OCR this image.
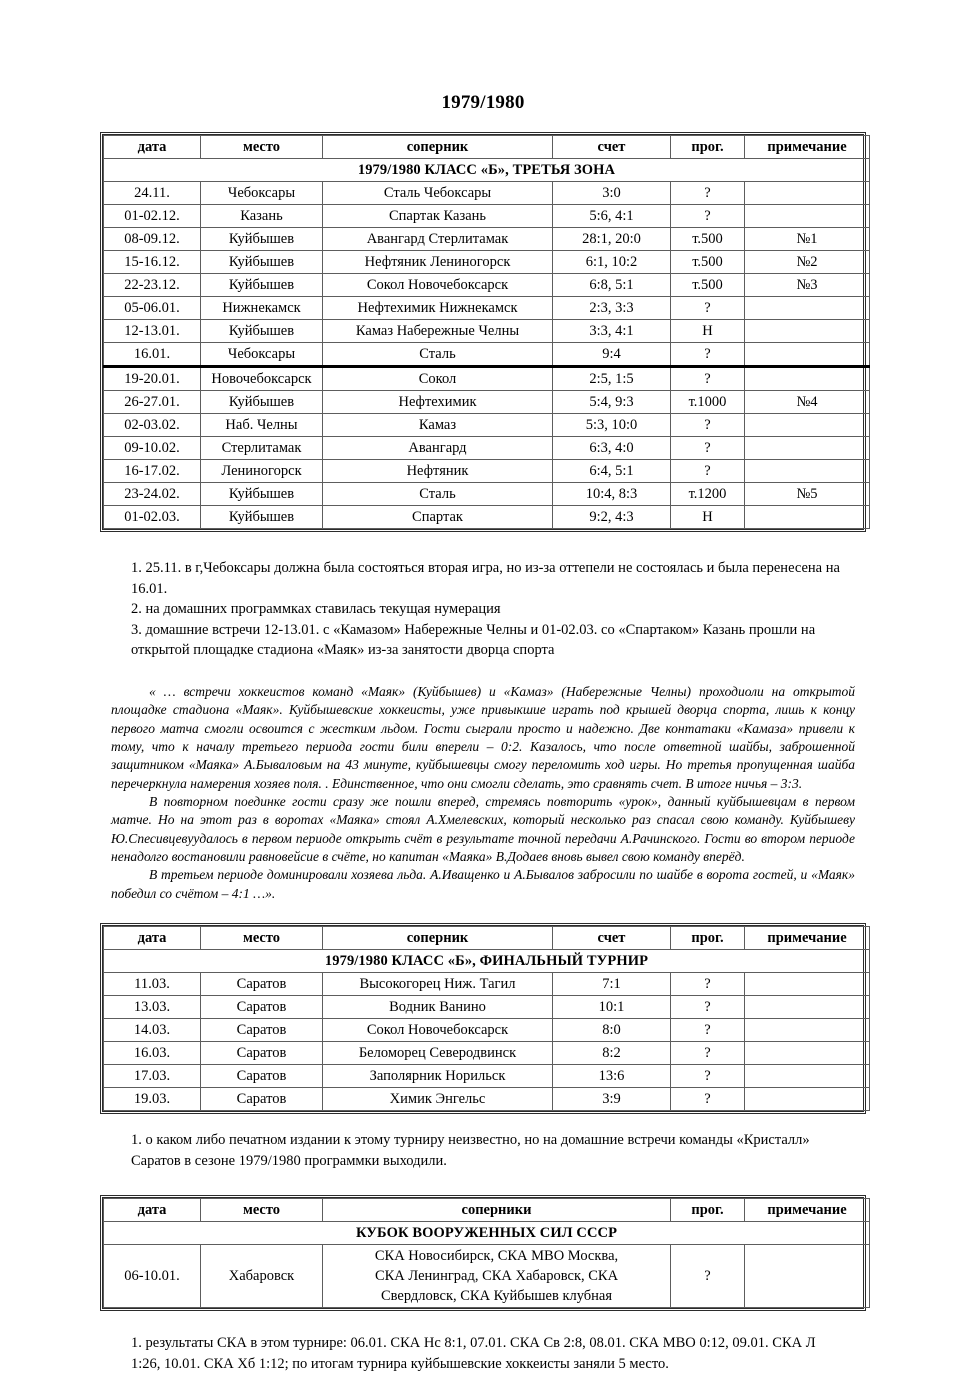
1979/1980
дата	место	соперник	счет	прог.	примечание
1979/1980 КЛАСС «Б», ТРЕТЬЯ ЗОНА					
24.11.	Чебоксары	Сталь Чебоксары	3:0	?	
01-02.12.	Казань	Спартак Казань	5:6, 4:1	?	
08-09.12.	Куйбышев	Авангард Стерлитамак	28:1, 20:0	т.500	№1
15-16.12.	Куйбышев	Нефтяник Лениногорск	6:1, 10:2	т.500	№2
22-23.12.	Куйбышев	Сокол Новочебоксарск	6:8, 5:1	т.500	№3
05-06.01.	Нижнекамск	Нефтехимик Нижнекамск	2:3, 3:3	?	
12-13.01.	Куйбышев	Камаз Набережные Челны	3:3, 4:1	Н	
16.01.	Чебоксары	Сталь	9:4	?	
19-20.01.	Новочебоксарск	Сокол	2:5, 1:5	?	
26-27.01.	Куйбышев	Нефтехимик	5:4, 9:3	т.1000	№4
02-03.02.	Наб. Челны	Камаз	5:3, 10:0	?	
09-10.02.	Стерлитамак	Авангард	6:3, 4:0	?	
16-17.02.	Лениногорск	Нефтяник	6:4, 5:1	?	
23-24.02.	Куйбышев	Сталь	10:4, 8:3	т.1200	№5
01-02.03.	Куйбышев	Спартак	9:2, 4:3	Н	

1. 25.11. в г,Чебоксары должна была состояться вторая игра, но из-за оттепели не состоялась и была перенесена на 16.01.

2. на домашних программках ставилась текущая нумерация

3. домашние встречи 12-13.01. с «Камазом» Набережные Челны и 01-02.03. со «Спартаком» Казань прошли на открытой площадке стадиона «Маяк» из-за занятости дворца спорта

« … встречи хоккеистов команд «Маяк» (Куйбышев) и «Камаз» (Набережные Челны) проходиоли на открытой площадке стадиона «Маяк». Куйбышевские хоккеисты, уже привыкшие играть под крышей дворца спорта, лишь к концу первого матча смогли освоится с жестким льдом. Гости сыграли просто и надежно. Две контатаки «Камаза» привели к тому, что к началу третьего периода гости били вперели – 0:2. Казалось, что после ответной шайбы, заброшенной защитником «Маяка» А.Бываловым на 43 минуте, куйбышевцы смогу переломить ход игры. Но третья пропущенная шайба перечеркнула намерения хозяев поля. . Единственное, что они смогли сделать, это сравнять счет. В итоге ничья – 3:3.

В повторном поединке гости сразу же пошли вперед, стремясь повторить «урок», данный куйбышевцам в первом матче. Но на этот раз в воротах «Маяка» стоял А.Хмелевских, который несколько раз спасал свою команду. Куйбышеву Ю.Спесивцевуудалось в первом периоде открыть счёт в результате точной передачи А.Рачинского. Гости во втором периоде ненадолго востановили равновейсие в счёте, но капитан «Маяка» В.Додаев вновь вывел свою команду вперёд.

В третьем периоде доминировали хозяева льда. А.Иващенко и А.Бывалов забросили по шайбе в ворота гостей, и «Маяк» победил со счётом – 4:1 …».

дата	место	соперник	счет	прог.	примечание
1979/1980 КЛАСС «Б», ФИНАЛЬНЫЙ ТУРНИР					
11.03.	Саратов	Высокогорец Ниж. Тагил	7:1	?	
13.03.	Саратов	Водник Ванино	10:1	?	
14.03.	Саратов	Сокол Новочебоксарск	8:0	?	
16.03.	Саратов	Беломорец Северодвинск	8:2	?	
17.03.	Саратов	Заполярник Норильск	13:6	?	
19.03.	Саратов	Химик Энгельс	3:9	?	

1. о каком либо печатном издании к этому турниру неизвестно, но на домашние встречи команды «Кристалл» Саратов в сезоне 1979/1980 программки выходили.

дата	место	соперники	прог.	примечание
КУБОК ВООРУЖЕННЫХ СИЛ СССР				
06-10.01.	Хабаровск	СКА Новосибирск, СКА МВО Москва,
СКА Ленинград, СКА Хабаровск, СКА
Свердловск, СКА Куйбышев клубная	?	

1. результаты СКА в этом турнире: 06.01. СКА Нс 8:1, 07.01. СКА Св 2:8, 08.01. СКА МВО 0:12, 09.01. СКА Л 1:26, 10.01. СКА Хб 1:12; по итогам турнира куйбышевские хоккеисты заняли 5 место.
